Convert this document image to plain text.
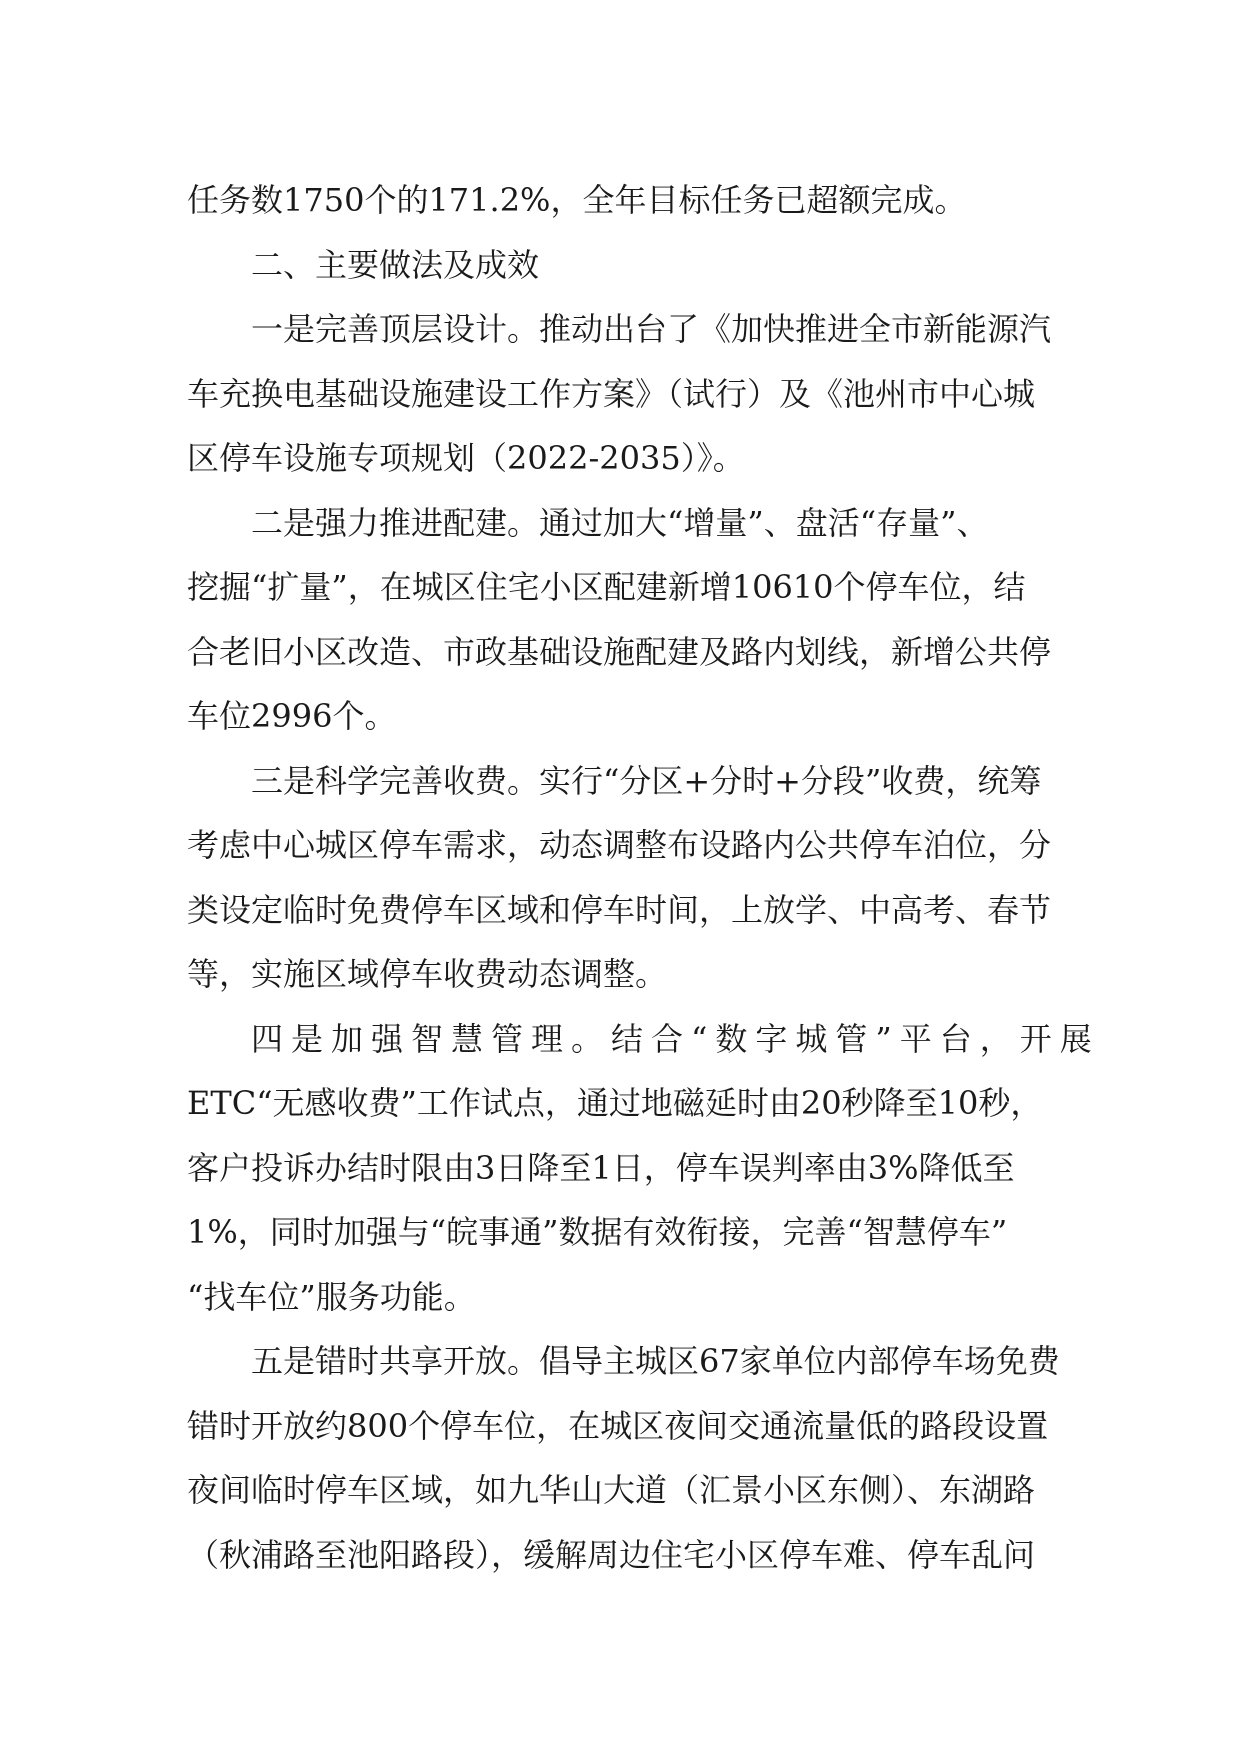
任务数1750个的171.2%，全年目标任务已超额完成。
二、主要做法及成效
一是完善顶层设计。推动出台了《加快推进全市新能源汽
车充换电基础设施建设工作方案》（试行）及《池州市中心城
区停车设施专项规划（2022-2035）》。
二是强力推进配建。通过加大“增量”、盘活“存量”、
挖掘“扩量”，在城区住宅小区配建新增10610个停车位，结
合老旧小区改造、市政基础设施配建及路内划线，新增公共停
车位2996个。
三是科学完善收费。实行“分区+分时+分段”收费，统筹
考虑中心城区停车需求，动态调整布设路内公共停车泊位，分
类设定临时免费停车区域和停车时间，上放学、中高考、春节
等，实施区域停车收费动态调整。
四是加强智慧管理。结合“数字城管”平台，开展
ETC“无感收费”工作试点，通过地磁延时由20秒降至10秒，
客户投诉办结时限由3日降至1日，停车误判率由3%降低至
1%，同时加强与“皖事通”数据有效衔接，完善“智慧停车”
“找车位”服务功能。
五是错时共享开放。倡导主城区67家单位内部停车场免费
错时开放约800个停车位，在城区夜间交通流量低的路段设置
夜间临时停车区域，如九华山大道（汇景小区东侧）、东湖路
（秋浦路至池阳路段），缓解周边住宅小区停车难、停车乱问
